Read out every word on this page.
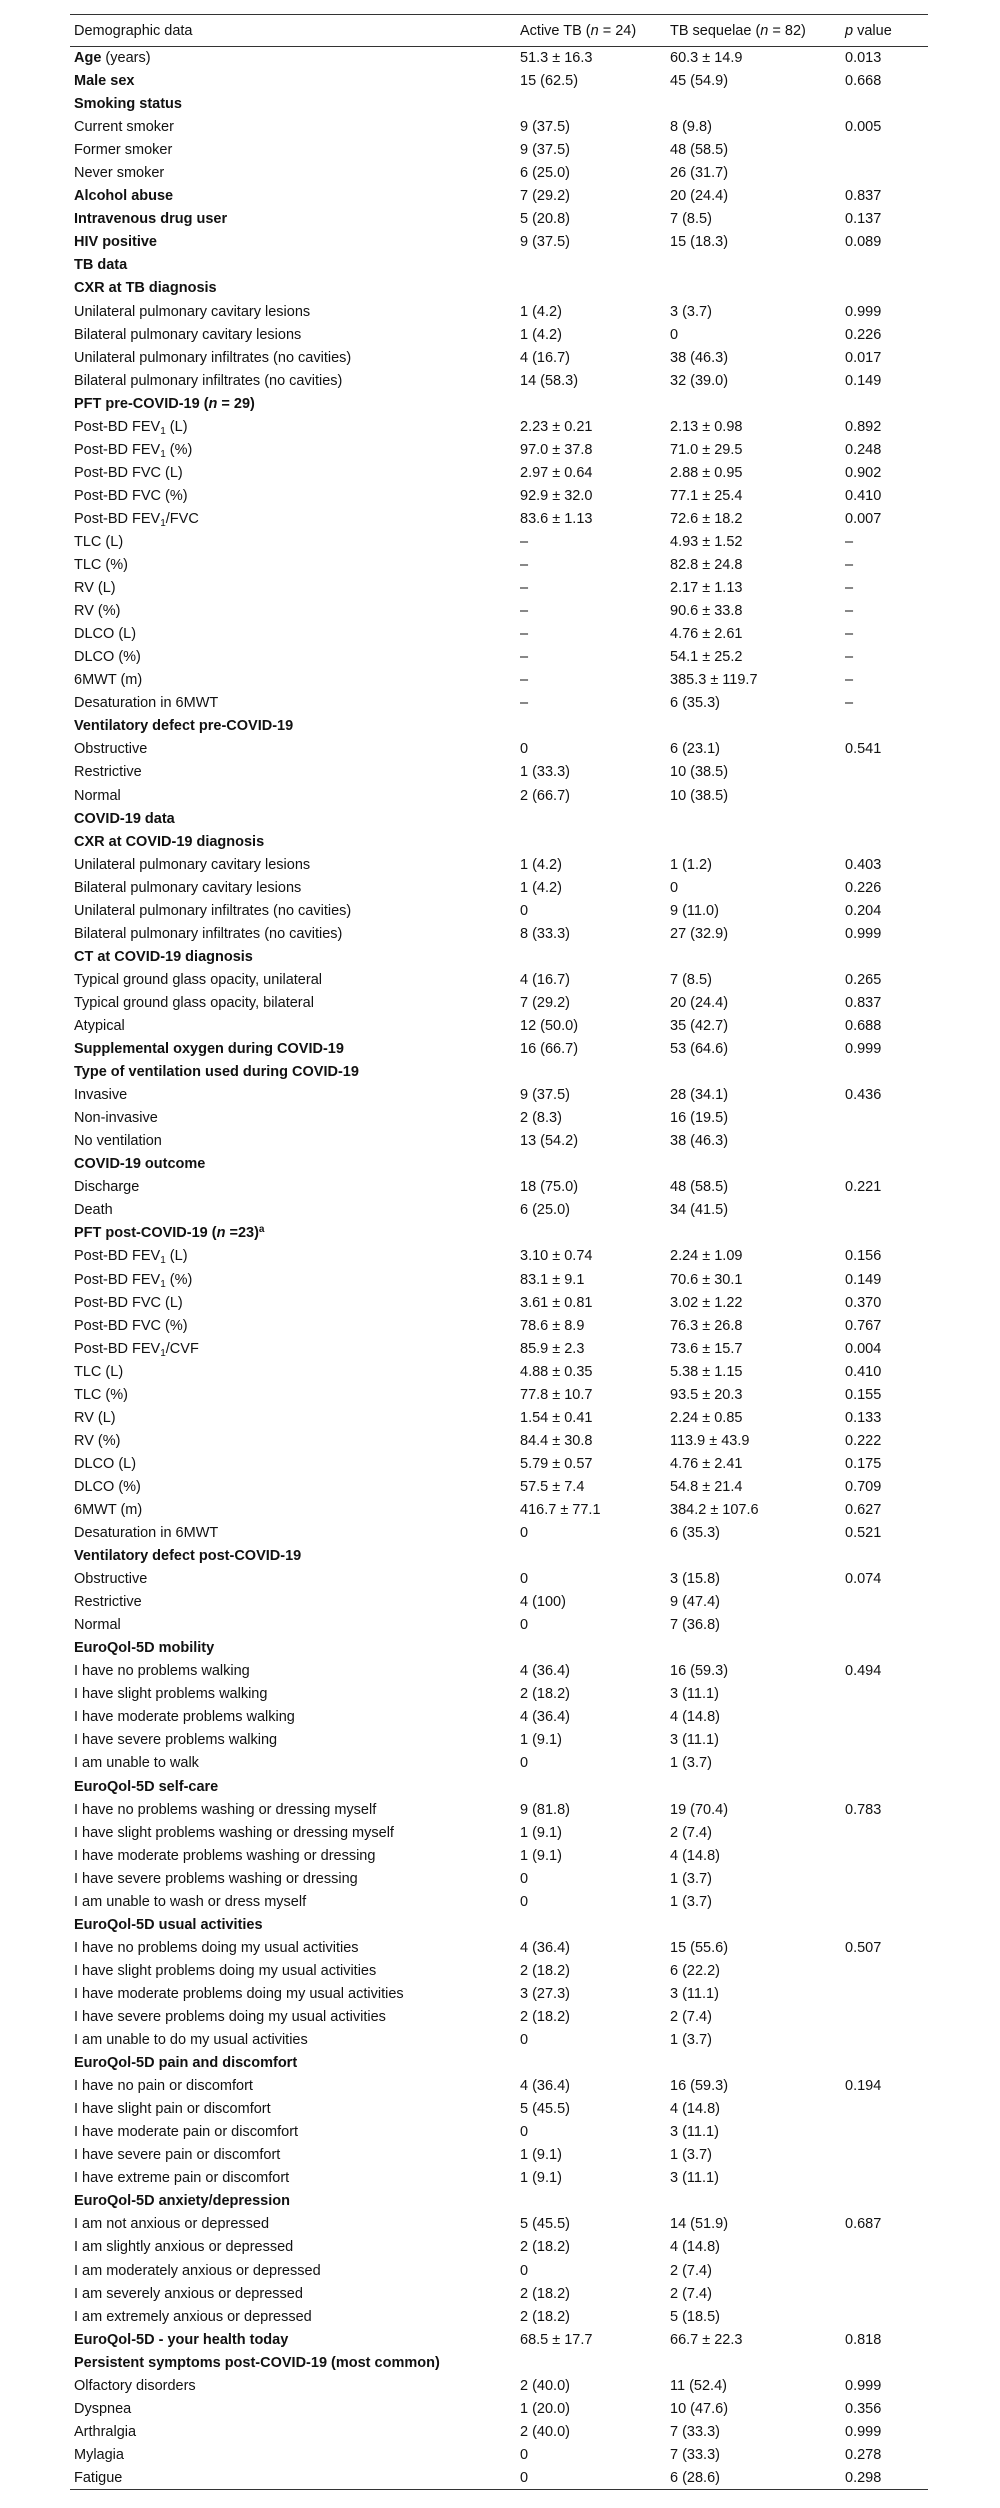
Demographic data	Active TB (n = 24)	TB sequelae (n = 82)	p value
Age (years)	51.3 ± 16.3	60.3 ± 14.9	0.013
Male sex	15 (62.5)	45 (54.9)	0.668
Smoking status			
Current smoker	9 (37.5)	8 (9.8)	0.005
Former smoker	9 (37.5)	48 (58.5)	
Never smoker	6 (25.0)	26 (31.7)	
Alcohol abuse	7 (29.2)	20 (24.4)	0.837
Intravenous drug user	5 (20.8)	7 (8.5)	0.137
HIV positive	9 (37.5)	15 (18.3)	0.089
TB data			
CXR at TB diagnosis			
Unilateral pulmonary cavitary lesions	1 (4.2)	3 (3.7)	0.999
Bilateral pulmonary cavitary lesions	1 (4.2)	0	0.226
Unilateral pulmonary infiltrates (no cavities)	4 (16.7)	38 (46.3)	0.017
Bilateral pulmonary infiltrates (no cavities)	14 (58.3)	32 (39.0)	0.149
PFT pre-COVID-19 (n = 29)			
Post-BD $FEV_1$ (L)	2.23 ± 0.21	2.13 ± 0.98	0.892
Post-BD $FEV_1$ (%)	97.0 ± 37.8	71.0 ± 29.5	0.248
Post-BD FVC (L)	2.97 ± 0.64	2.88 ± 0.95	0.902
Post-BD FVC (%)	92.9 ± 32.0	77.1 ± 25.4	0.410
Post-BD $FEV_1$/FVC	83.6 ± 1.13	72.6 ± 18.2	0.007
TLC (L)	–	4.93 ± 1.52	–
TLC (%)	–	82.8 ± 24.8	–
RV (L)	–	2.17 ± 1.13	–
RV (%)	–	90.6 ± 33.8	–
DLCO (L)	–	4.76 ± 2.61	–
DLCO (%)	–	54.1 ± 25.2	–
6MWT (m)	–	385.3 ± 119.7	–
Desaturation in 6MWT	–	6 (35.3)	–
Ventilatory defect pre-COVID-19			
Obstructive	0	6 (23.1)	0.541
Restrictive	1 (33.3)	10 (38.5)	
Normal	2 (66.7)	10 (38.5)	
COVID-19 data			
CXR at COVID-19 diagnosis			
Unilateral pulmonary cavitary lesions	1 (4.2)	1 (1.2)	0.403
Bilateral pulmonary cavitary lesions	1 (4.2)	0	0.226
Unilateral pulmonary infiltrates (no cavities)	0	9 (11.0)	0.204
Bilateral pulmonary infiltrates (no cavities)	8 (33.3)	27 (32.9)	0.999
CT at COVID-19 diagnosis			
Typical ground glass opacity, unilateral	4 (16.7)	7 (8.5)	0.265
Typical ground glass opacity, bilateral	7 (29.2)	20 (24.4)	0.837
Atypical	12 (50.0)	35 (42.7)	0.688
Supplemental oxygen during COVID-19	16 (66.7)	53 (64.6)	0.999
Type of ventilation used during COVID-19			
Invasive	9 (37.5)	28 (34.1)	0.436
Non-invasive	2 (8.3)	16 (19.5)	
No ventilation	13 (54.2)	38 (46.3)	
COVID-19 outcome			
Discharge	18 (75.0)	48 (58.5)	0.221
Death	6 (25.0)	34 (41.5)	
PFT post-COVID-19 (n =23)$^a$			
Post-BD $FEV_1$ (L)	3.10 ± 0.74	2.24 ± 1.09	0.156
Post-BD $FEV_1$ (%)	83.1 ± 9.1	70.6 ± 30.1	0.149
Post-BD FVC (L)	3.61 ± 0.81	3.02 ± 1.22	0.370
Post-BD FVC (%)	78.6 ± 8.9	76.3 ± 26.8	0.767
Post-BD $FEV_1$/CVF	85.9 ± 2.3	73.6 ± 15.7	0.004
TLC (L)	4.88 ± 0.35	5.38 ± 1.15	0.410
TLC (%)	77.8 ± 10.7	93.5 ± 20.3	0.155
RV (L)	1.54 ± 0.41	2.24 ± 0.85	0.133
RV (%)	84.4 ± 30.8	113.9 ± 43.9	0.222
DLCO (L)	5.79 ± 0.57	4.76 ± 2.41	0.175
DLCO (%)	57.5 ± 7.4	54.8 ± 21.4	0.709
6MWT (m)	416.7 ± 77.1	384.2 ± 107.6	0.627
Desaturation in 6MWT	0	6 (35.3)	0.521
Ventilatory defect post-COVID-19			
Obstructive	0	3 (15.8)	0.074
Restrictive	4 (100)	9 (47.4)	
Normal	0	7 (36.8)	
EuroQol-5D mobility			
I have no problems walking	4 (36.4)	16 (59.3)	0.494
I have slight problems walking	2 (18.2)	3 (11.1)	
I have moderate problems walking	4 (36.4)	4 (14.8)	
I have severe problems walking	1 (9.1)	3 (11.1)	
I am unable to walk	0	1 (3.7)	
EuroQol-5D self-care			
I have no problems washing or dressing myself	9 (81.8)	19 (70.4)	0.783
I have slight problems washing or dressing myself	1 (9.1)	2 (7.4)	
I have moderate problems washing or dressing	1 (9.1)	4 (14.8)	
I have severe problems washing or dressing	0	1 (3.7)	
I am unable to wash or dress myself	0	1 (3.7)	
EuroQol-5D usual activities			
I have no problems doing my usual activities	4 (36.4)	15 (55.6)	0.507
I have slight problems doing my usual activities	2 (18.2)	6 (22.2)	
I have moderate problems doing my usual activities	3 (27.3)	3 (11.1)	
I have severe problems doing my usual activities	2 (18.2)	2 (7.4)	
I am unable to do my usual activities	0	1 (3.7)	
EuroQol-5D pain and discomfort			
I have no pain or discomfort	4 (36.4)	16 (59.3)	0.194
I have slight pain or discomfort	5 (45.5)	4 (14.8)	
I have moderate pain or discomfort	0	3 (11.1)	
I have severe pain or discomfort	1 (9.1)	1 (3.7)	
I have extreme pain or discomfort	1 (9.1)	3 (11.1)	
EuroQol-5D anxiety/depression			
I am not anxious or depressed	5 (45.5)	14 (51.9)	0.687
I am slightly anxious or depressed	2 (18.2)	4 (14.8)	
I am moderately anxious or depressed	0	2 (7.4)	
I am severely anxious or depressed	2 (18.2)	2 (7.4)	
I am extremely anxious or depressed	2 (18.2)	5 (18.5)	
EuroQol-5D - your health today	68.5 ± 17.7	66.7 ± 22.3	0.818
Persistent symptoms post-COVID-19 (most common)			
Olfactory disorders	2 (40.0)	11 (52.4)	0.999
Dyspnea	1 (20.0)	10 (47.6)	0.356
Arthralgia	2 (40.0)	7 (33.3)	0.999
Mylagia	0	7 (33.3)	0.278
Fatigue	0	6 (28.6)	0.298
